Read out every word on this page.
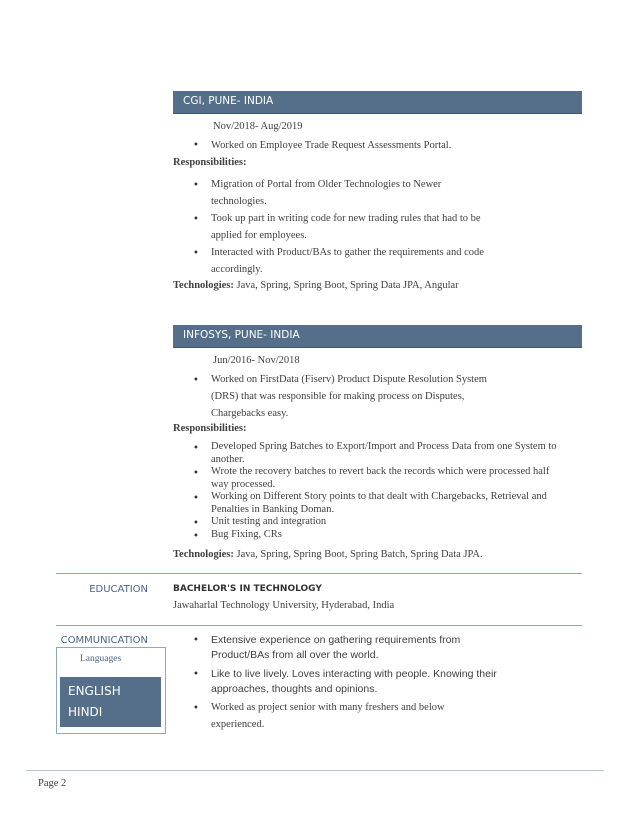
CGI, PUNE- INDIA
Nov/2018- Aug/2019
• Worked on Employee Trade Request Assessments Portal.
Responsibilities:
• Migration of Portal from Older Technologies to Newer
technologies.
• Took up part in writing code for new trading rules that had to be
applied for employees.
• Interacted with Product/BAs to gather the requirements and code
accordingly.
Technologies: Java, Spring, Spring Boot, Spring Data JPA, Angular
INFOSYS, PUNE- INDIA
Jun/2016- Nov/2018
• Worked on FirstData (Fiserv) Product Dispute Resolution System
(DRS) that was responsible for making process on Disputes,
Chargebacks easy.
Responsibilities:
• Developed Spring Batches to Export/Import and Process Data from one System to
another.
• Wrote the recovery batches to revert back the records which were processed half
way processed.
• Working on Different Story points to that dealt with Chargebacks, Retrieval and
Penalties in Banking Doman.
• Unit testing and integration
• Bug Fixing, CRs
Technologies: Java, Spring, Spring Boot, Spring Batch, Spring Data JPA.
EDUCATION	BACHELOR'S IN TECHNOLOGY
Jawaharlal Technology University, Hyderabad, India
COMMUNICATION
Languages
ENGLISH
HINDI
• Extensive experience on gathering requirements from
Product/BAs from all over the world.
• Like to live lively. Loves interacting with people. Knowing their
approaches, thoughts and opinions.
• Worked as project senior with many freshers and below
experienced.
Page 2
